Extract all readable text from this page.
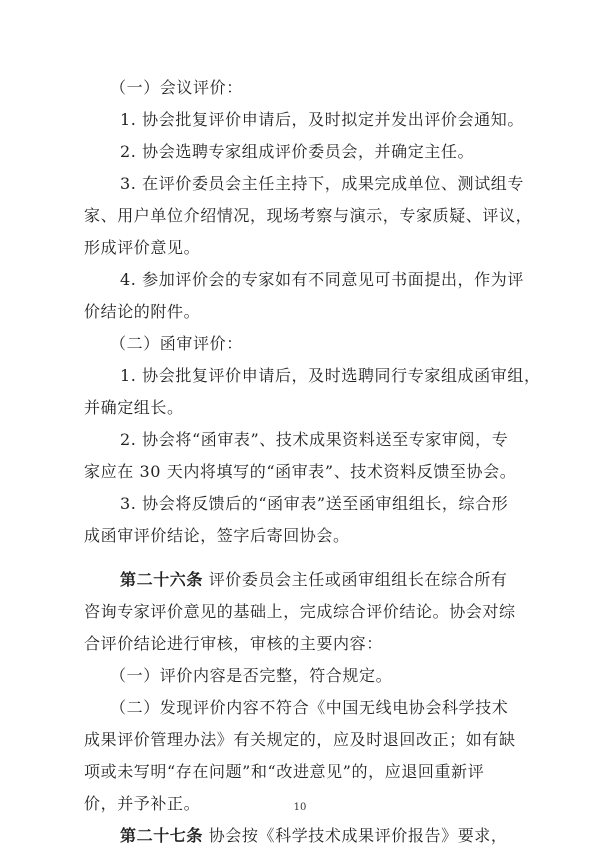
（一）会议评价：
1. 协会批复评价申请后，及时拟定并发出评价会通知。
2. 协会选聘专家组成评价委员会，并确定主任。
3. 在评价委员会主任主持下，成果完成单位、测试组专
家、用户单位介绍情况，现场考察与演示，专家质疑、评议，
形成评价意见。
4. 参加评价会的专家如有不同意见可书面提出，作为评
价结论的附件。
（二）函审评价：
1. 协会批复评价申请后，及时选聘同行专家组成函审组，
并确定组长。
2. 协会将“函审表”、技术成果资料送至专家审阅，专
家应在 30 天内将填写的“函审表”、技术资料反馈至协会。
3. 协会将反馈后的“函审表”送至函审组组长，综合形
成函审评价结论，签字后寄回协会。
第二十六条 评价委员会主任或函审组组长在综合所有
咨询专家评价意见的基础上，完成综合评价结论。协会对综
合评价结论进行审核，审核的主要内容：
（一）评价内容是否完整，符合规定。
（二）发现评价内容不符合《中国无线电协会科学技术
成果评价管理办法》有关规定的，应及时退回改正；如有缺
项或未写明“存在问题”和“改进意见”的，应退回重新评
价，并予补正。
第二十七条 协会按《科学技术成果评价报告》要求，
10
